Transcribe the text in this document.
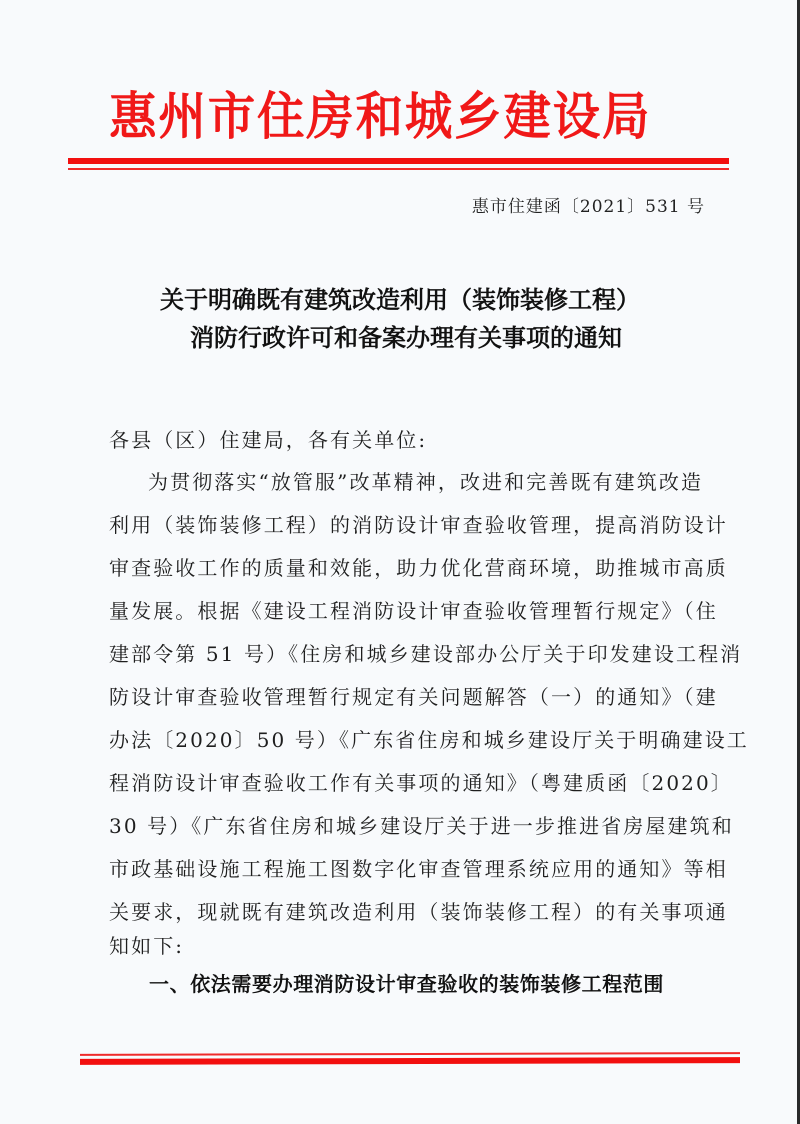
惠州市住房和城乡建设局
惠市住建函〔2021〕531 号
关于明确既有建筑改造利用（装饰装修工程）
消防行政许可和备案办理有关事项的通知
各县（区）住建局，各有关单位:
为贯彻落实“放管服”改革精神，改进和完善既有建筑改造
利用（装饰装修工程）的消防设计审查验收管理，提高消防设计
审查验收工作的质量和效能，助力优化营商环境，助推城市高质
量发展。根据《建设工程消防设计审查验收管理暂行规定》（住
建部令第 51 号）《住房和城乡建设部办公厅关于印发建设工程消
防设计审查验收管理暂行规定有关问题解答（一）的通知》（建
办法〔2020〕50 号）《广东省住房和城乡建设厅关于明确建设工
程消防设计审查验收工作有关事项的通知》（粤建质函〔2020〕
30 号）《广东省住房和城乡建设厅关于进一步推进省房屋建筑和
市政基础设施工程施工图数字化审查管理系统应用的通知》等相
关要求，现就既有建筑改造利用（装饰装修工程）的有关事项通
知如下:
一、依法需要办理消防设计审查验收的装饰装修工程范围
